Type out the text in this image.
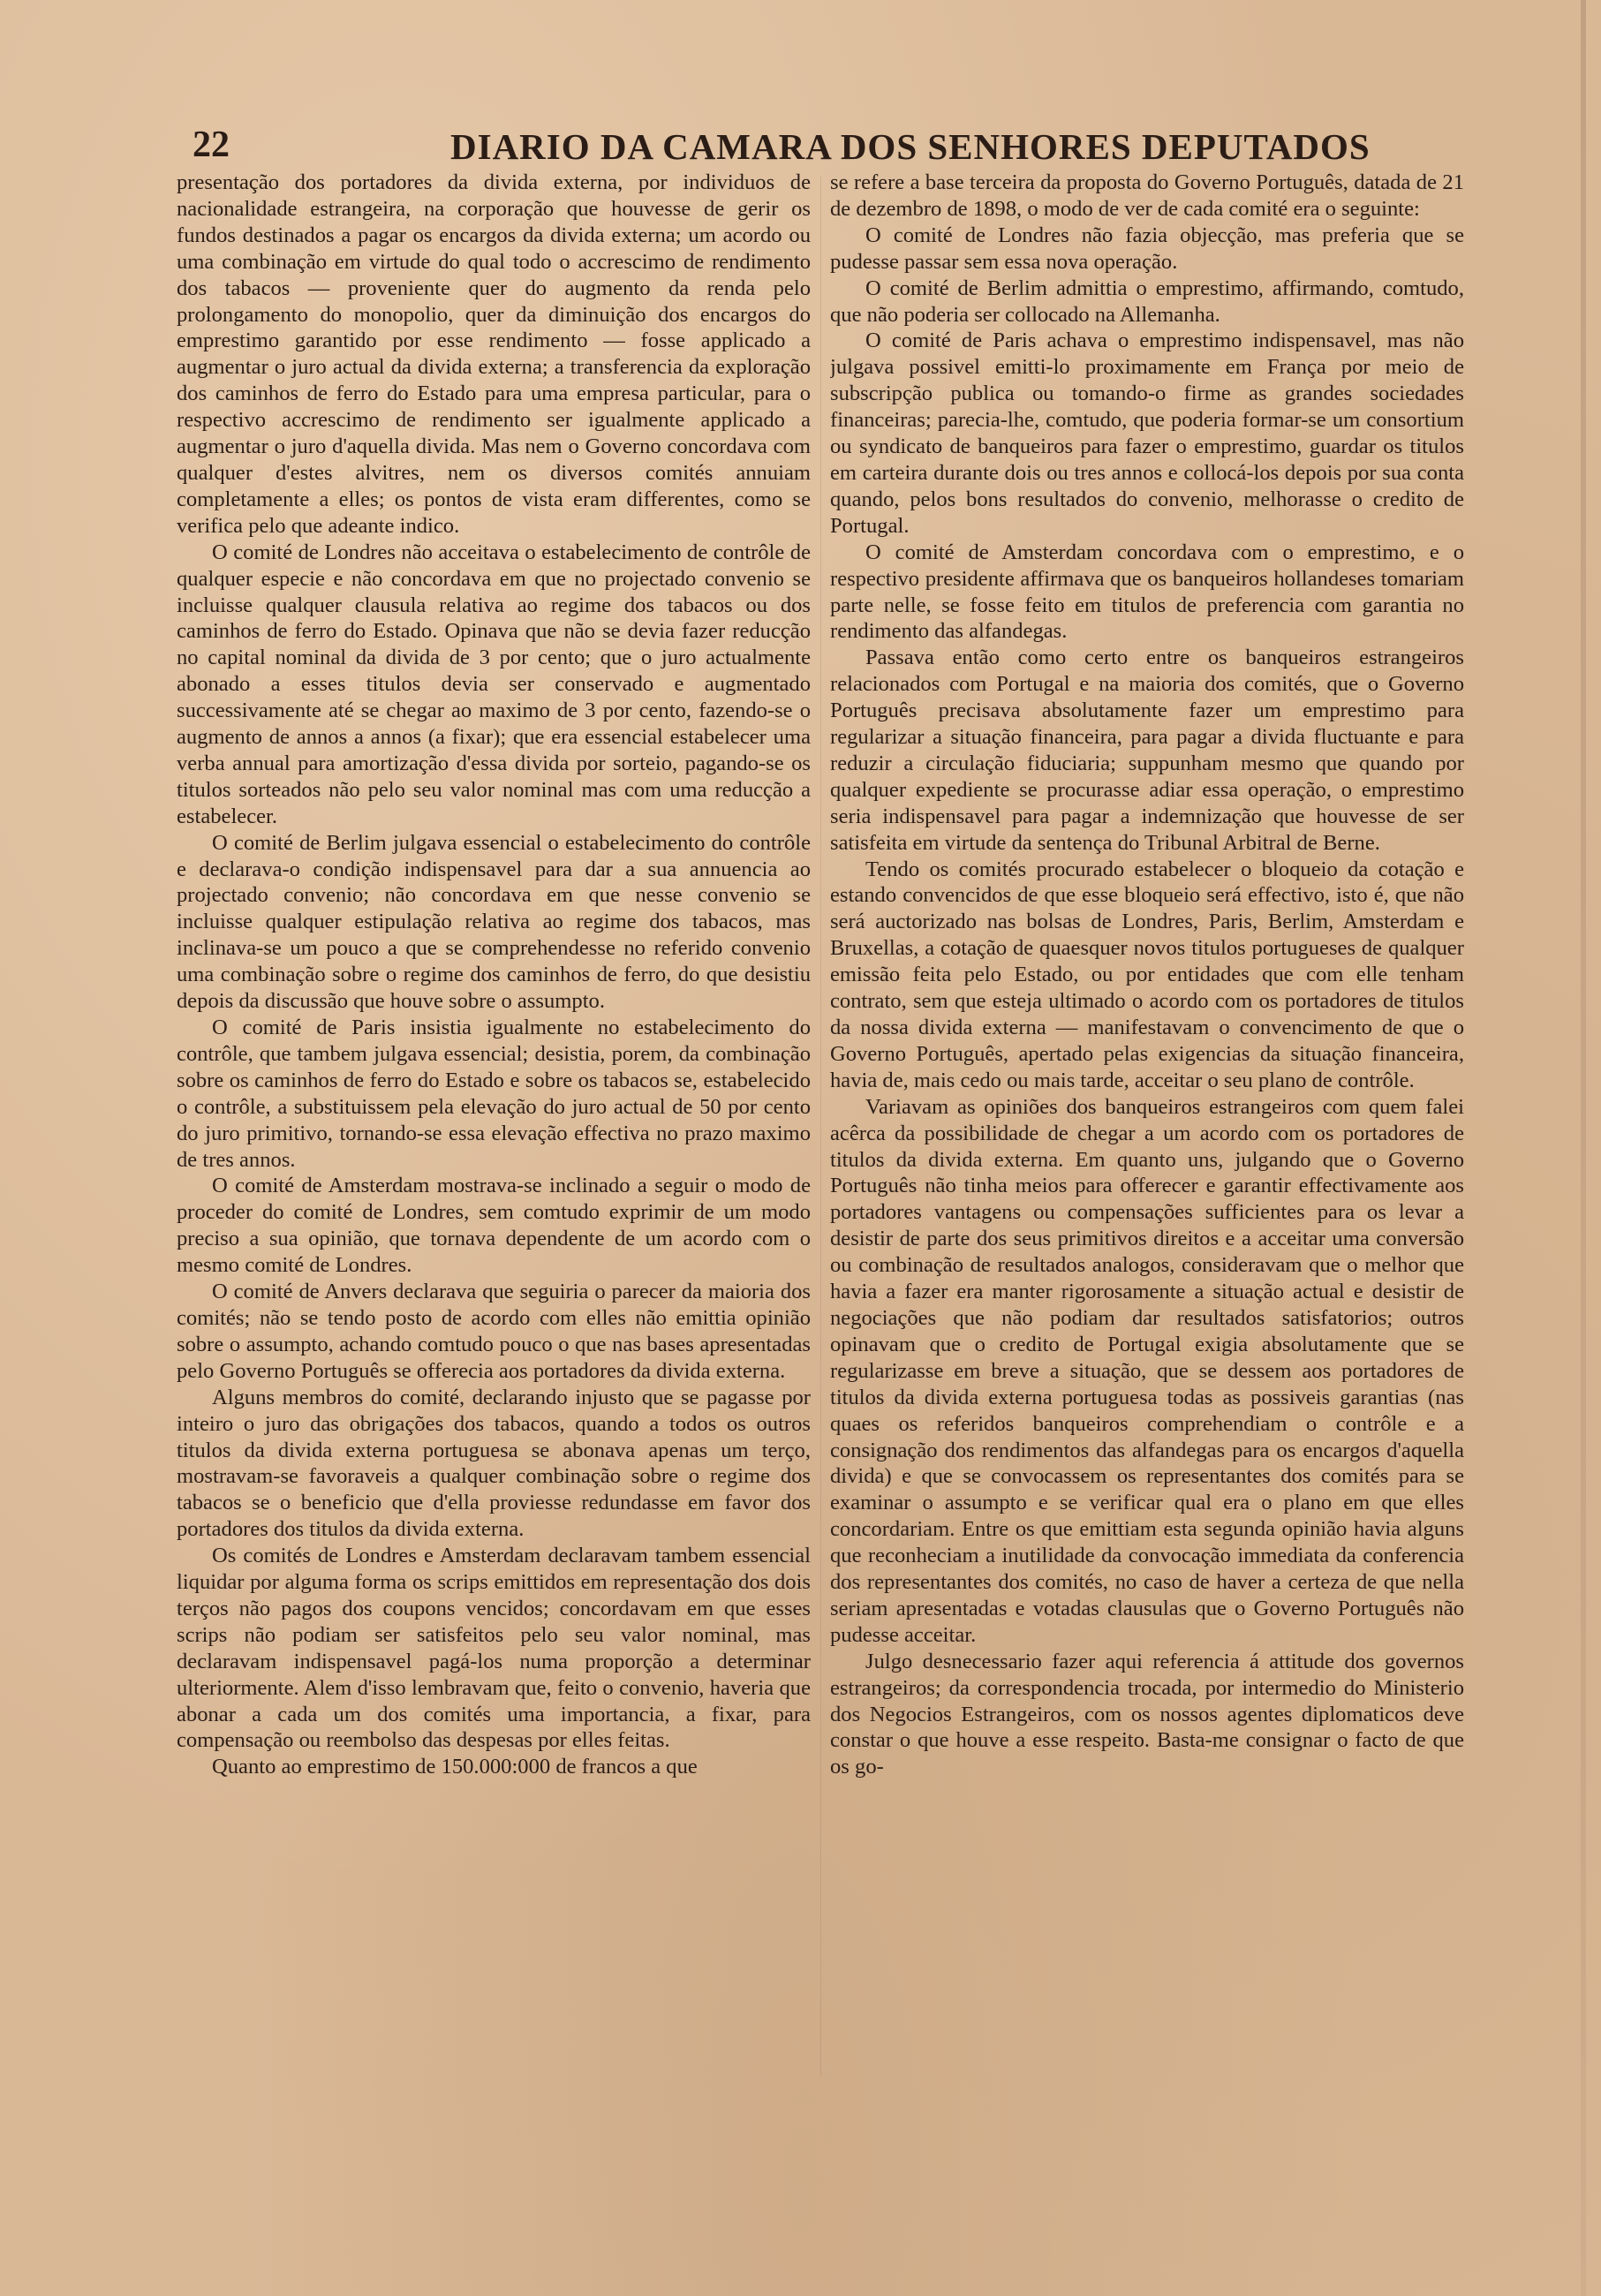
22	DIARIO DA CAMARA DOS SENHORES DEPUTADOS

presentação dos portadores da divida externa, por individuos de nacionalidade estrangeira, na corporação que houvesse de gerir os fundos destinados a pagar os encargos da divida externa; um acordo ou uma combinação em virtude do qual todo o accrescimo de rendimento dos tabacos — proveniente quer do augmento da renda pelo prolongamento do monopolio, quer da diminuição dos encargos do emprestimo garantido por esse rendimento — fosse applicado a augmentar o juro actual da divida externa; a transferencia da exploração dos caminhos de ferro do Estado para uma empresa particular, para o respectivo accrescimo de rendimento ser igualmente applicado a augmentar o juro d'aquella divida. Mas nem o Governo concordava com qualquer d'estes alvitres, nem os diversos comités annuiam completamente a elles; os pontos de vista eram differentes, como se verifica pelo que adeante indico.

O comité de Londres não acceitava o estabelecimento de contrôle de qualquer especie e não concordava em que no projectado convenio se incluisse qualquer clausula relativa ao regime dos tabacos ou dos caminhos de ferro do Estado. Opinava que não se devia fazer reducção no capital nominal da divida de 3 por cento; que o juro actualmente abonado a esses titulos devia ser conservado e augmentado successivamente até se chegar ao maximo de 3 por cento, fazendo-se o augmento de annos a annos (a fixar); que era essencial estabelecer uma verba annual para amortização d'essa divida por sorteio, pagando-se os titulos sorteados não pelo seu valor nominal mas com uma reducção a estabelecer.

O comité de Berlim julgava essencial o estabelecimento do contrôle e declarava-o condição indispensavel para dar a sua annuencia ao projectado convenio; não concordava em que nesse convenio se incluisse qualquer estipulação relativa ao regime dos tabacos, mas inclinava-se um pouco a que se comprehendesse no referido convenio uma combinação sobre o regime dos caminhos de ferro, do que desistiu depois da discussão que houve sobre o assumpto.

O comité de Paris insistia igualmente no estabelecimento do contrôle, que tambem julgava essencial; desistia, porem, da combinação sobre os caminhos de ferro do Estado e sobre os tabacos se, estabelecido o contrôle, a substituissem pela elevação do juro actual de 50 por cento do juro primitivo, tornando-se essa elevação effectiva no prazo maximo de tres annos.

O comité de Amsterdam mostrava-se inclinado a seguir o modo de proceder do comité de Londres, sem comtudo exprimir de um modo preciso a sua opinião, que tornava dependente de um acordo com o mesmo comité de Londres.

O comité de Anvers declarava que seguiria o parecer da maioria dos comités; não se tendo posto de acordo com elles não emittia opinião sobre o assumpto, achando comtudo pouco o que nas bases apresentadas pelo Governo Português se offerecia aos portadores da divida externa.

Alguns membros do comité, declarando injusto que se pagasse por inteiro o juro das obrigações dos tabacos, quando a todos os outros titulos da divida externa portuguesa se abonava apenas um terço, mostravam-se favoraveis a qualquer combinação sobre o regime dos tabacos se o beneficio que d'ella proviesse redundasse em favor dos portadores dos titulos da divida externa.

Os comités de Londres e Amsterdam declaravam tambem essencial liquidar por alguma forma os scrips emittidos em representação dos dois terços não pagos dos coupons vencidos; concordavam em que esses scrips não podiam ser satisfeitos pelo seu valor nominal, mas declaravam indispensavel pagá-los numa proporção a determinar ulteriormente. Alem d'isso lembravam que, feito o convenio, haveria que abonar a cada um dos comités uma importancia, a fixar, para compensação ou reembolso das despesas por elles feitas.

Quanto ao emprestimo de 150.000:000 de francos a que

se refere a base terceira da proposta do Governo Português, datada de 21 de dezembro de 1898, o modo de ver de cada comité era o seguinte:

O comité de Londres não fazia objecção, mas preferia que se pudesse passar sem essa nova operação.

O comité de Berlim admittia o emprestimo, affirmando, comtudo, que não poderia ser collocado na Allemanha.

O comité de Paris achava o emprestimo indispensavel, mas não julgava possivel emitti-lo proximamente em França por meio de subscripção publica ou tomando-o firme as grandes sociedades financeiras; parecia-lhe, comtudo, que poderia formar-se um consortium ou syndicato de banqueiros para fazer o emprestimo, guardar os titulos em carteira durante dois ou tres annos e collocá-los depois por sua conta quando, pelos bons resultados do convenio, melhorasse o credito de Portugal.

O comité de Amsterdam concordava com o emprestimo, e o respectivo presidente affirmava que os banqueiros hollandeses tomariam parte nelle, se fosse feito em titulos de preferencia com garantia no rendimento das alfandegas.

Passava então como certo entre os banqueiros estrangeiros relacionados com Portugal e na maioria dos comités, que o Governo Português precisava absolutamente fazer um emprestimo para regularizar a situação financeira, para pagar a divida fluctuante e para reduzir a circulação fiduciaria; suppunham mesmo que quando por qualquer expediente se procurasse adiar essa operação, o emprestimo seria indispensavel para pagar a indemnização que houvesse de ser satisfeita em virtude da sentença do Tribunal Arbitral de Berne.

Tendo os comités procurado estabelecer o bloqueio da cotação e estando convencidos de que esse bloqueio será effectivo, isto é, que não será auctorizado nas bolsas de Londres, Paris, Berlim, Amsterdam e Bruxellas, a cotação de quaesquer novos titulos portugueses de qualquer emissão feita pelo Estado, ou por entidades que com elle tenham contrato, sem que esteja ultimado o acordo com os portadores de titulos da nossa divida externa — manifestavam o convencimento de que o Governo Português, apertado pelas exigencias da situação financeira, havia de, mais cedo ou mais tarde, acceitar o seu plano de contrôle.

Variavam as opiniões dos banqueiros estrangeiros com quem falei acêrca da possibilidade de chegar a um acordo com os portadores de titulos da divida externa. Em quanto uns, julgando que o Governo Português não tinha meios para offerecer e garantir effectivamente aos portadores vantagens ou compensações sufficientes para os levar a desistir de parte dos seus primitivos direitos e a acceitar uma conversão ou combinação de resultados analogos, consideravam que o melhor que havia a fazer era manter rigorosamente a situação actual e desistir de negociações que não podiam dar resultados satisfatorios; outros opinavam que o credito de Portugal exigia absolutamente que se regularizasse em breve a situação, que se dessem aos portadores de titulos da divida externa portuguesa todas as possiveis garantias (nas quaes os referidos banqueiros comprehendiam o contrôle e a consignação dos rendimentos das alfandegas para os encargos d'aquella divida) e que se convocassem os representantes dos comités para se examinar o assumpto e se verificar qual era o plano em que elles concordariam. Entre os que emittiam esta segunda opinião havia alguns que reconheciam a inutilidade da convocação immediata da conferencia dos representantes dos comités, no caso de haver a certeza de que nella seriam apresentadas e votadas clausulas que o Governo Português não pudesse acceitar.

Julgo desnecessario fazer aqui referencia á attitude dos governos estrangeiros; da correspondencia trocada, por intermedio do Ministerio dos Negocios Estrangeiros, com os nossos agentes diplomaticos deve constar o que houve a esse respeito. Basta-me consignar o facto de que os go-
